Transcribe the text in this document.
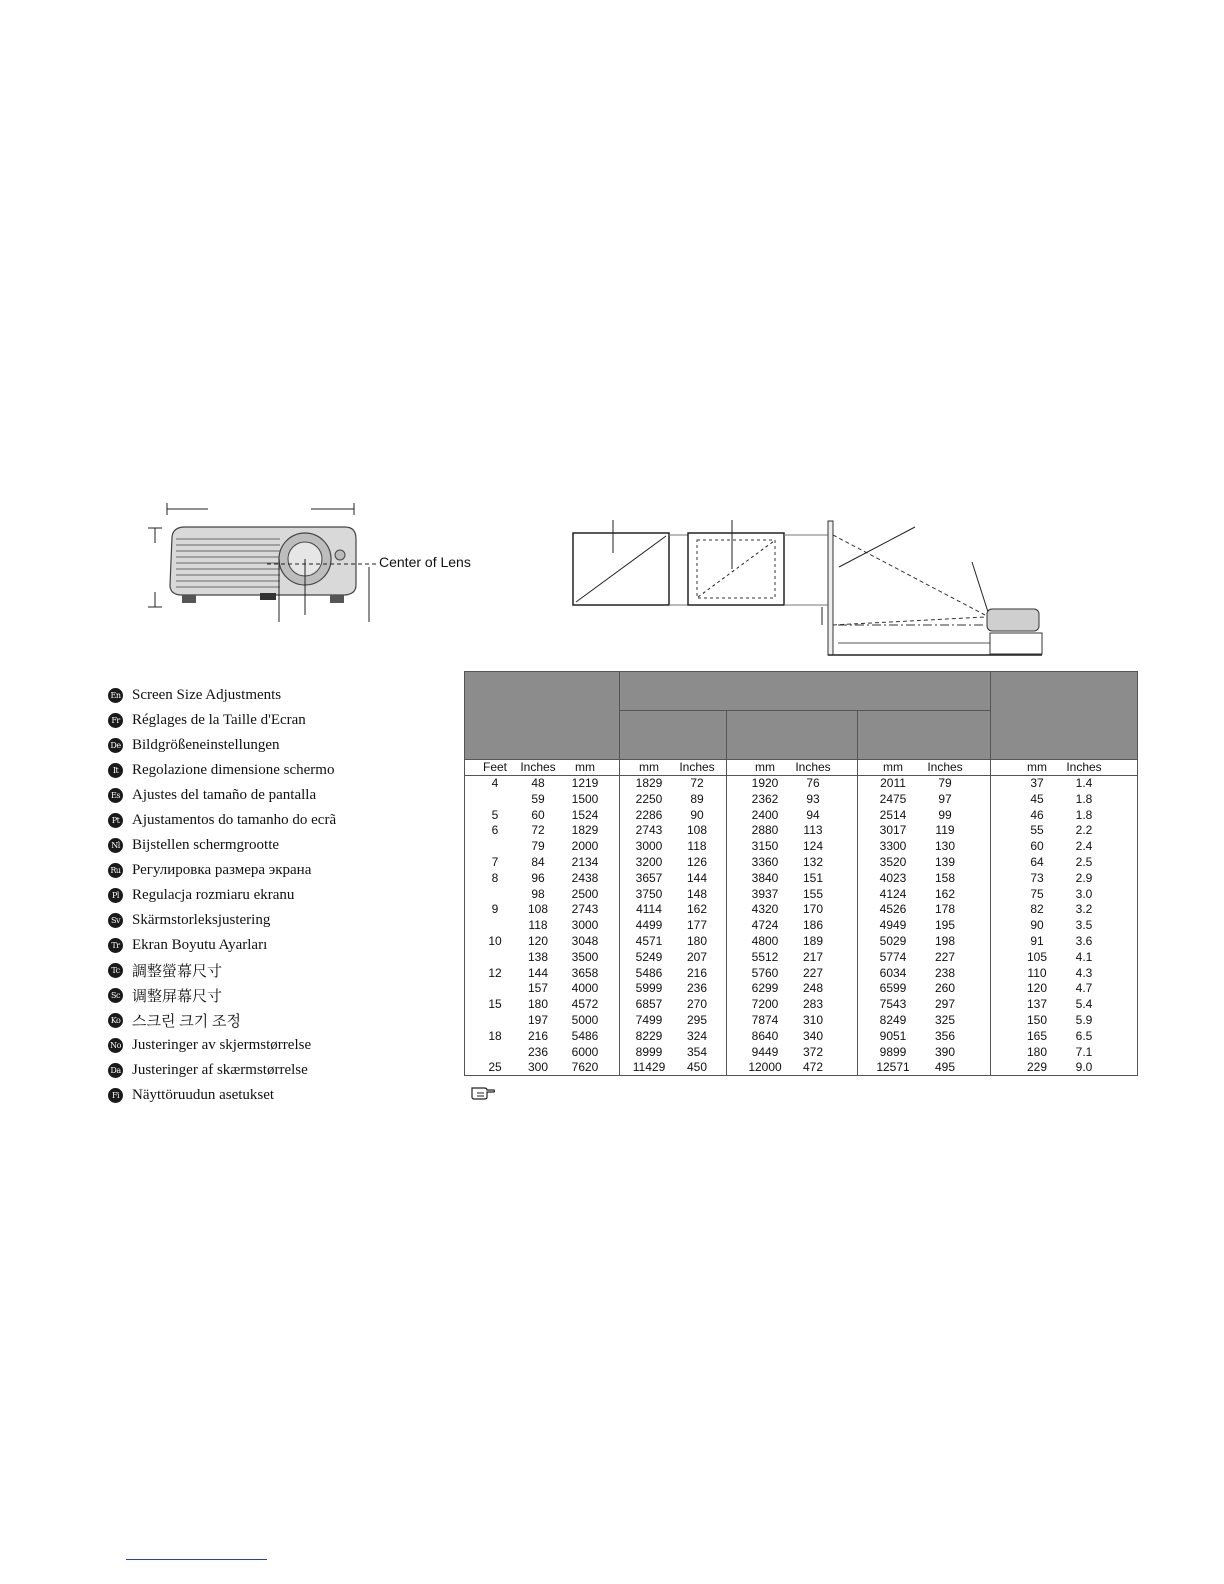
Center of Lens
En Screen Size Adjustments
Fr Réglages de la Taille d'Ecran
De Bildgrößeneinstellungen
It Regolazione dimensione schermo
Es Ajustes del tamaño de pantalla
Pt Ajustamentos do tamanho do ecrã
Nl Bijstellen schermgrootte
Ru Регулировка размера экрана
Pl Regulacja rozmiaru ekranu
Sv Skärmstorleksjustering
Tr Ekran Boyutu Ayarları
Tc 調整螢幕尺寸
Sc 调整屏幕尺寸
Ko 스크린 크기 조정
No Justeringer av skjermstørrelse
Da Justeringer af skærmstørrelse
Fi Näyttöruudun asetukset
Feet Inches mm	mm Inches	mm Inches	mm Inches	mm Inches
4	48 1219	1829 72	1920 76	2011	79	37	1.4
59 1500	2250 89	2362 93	2475	97	45	1.8
5	60 1524	2286 90	2400 94	2514	99	46	1.8
6	72 1829	2743 108	2880 113	3017 119	55	2.2
79 2000	3000 118	3150 124	3300 130	60	2.4
7	84 2134	3200 126	3360 132	3520 139	64	2.5
8	96 2438	3657 144	3840 151	4023 158	73	2.9
98 2500	3750 148	3937 155	4124 162	75	3.0
9 108 2743	4114 162	4320 170	4526 178	82	3.2
118 3000	4499 177	4724 186	4949 195	90	3.5
10 120 3048	4571 180	4800 189	5029 198	91	3.6
138 3500	5249 207	5512 217	5774 227	105 4.1
12 144 3658	5486 216	5760 227	6034 238	110 4.3
157 4000	5999 236	6299 248	6599 260	120 4.7
15 180 4572	6857 270	7200 283	7543 297	137 5.4
197 5000	7499 295	7874 310	8249 325	150 5.9
18 216 5486	8229 324	8640 340	9051 356	165 6.5
236 6000	8999 354	9449 372	9899 390	180 7.1
25 300 7620	11429 450	12000 472	12571 495	229 9.0
